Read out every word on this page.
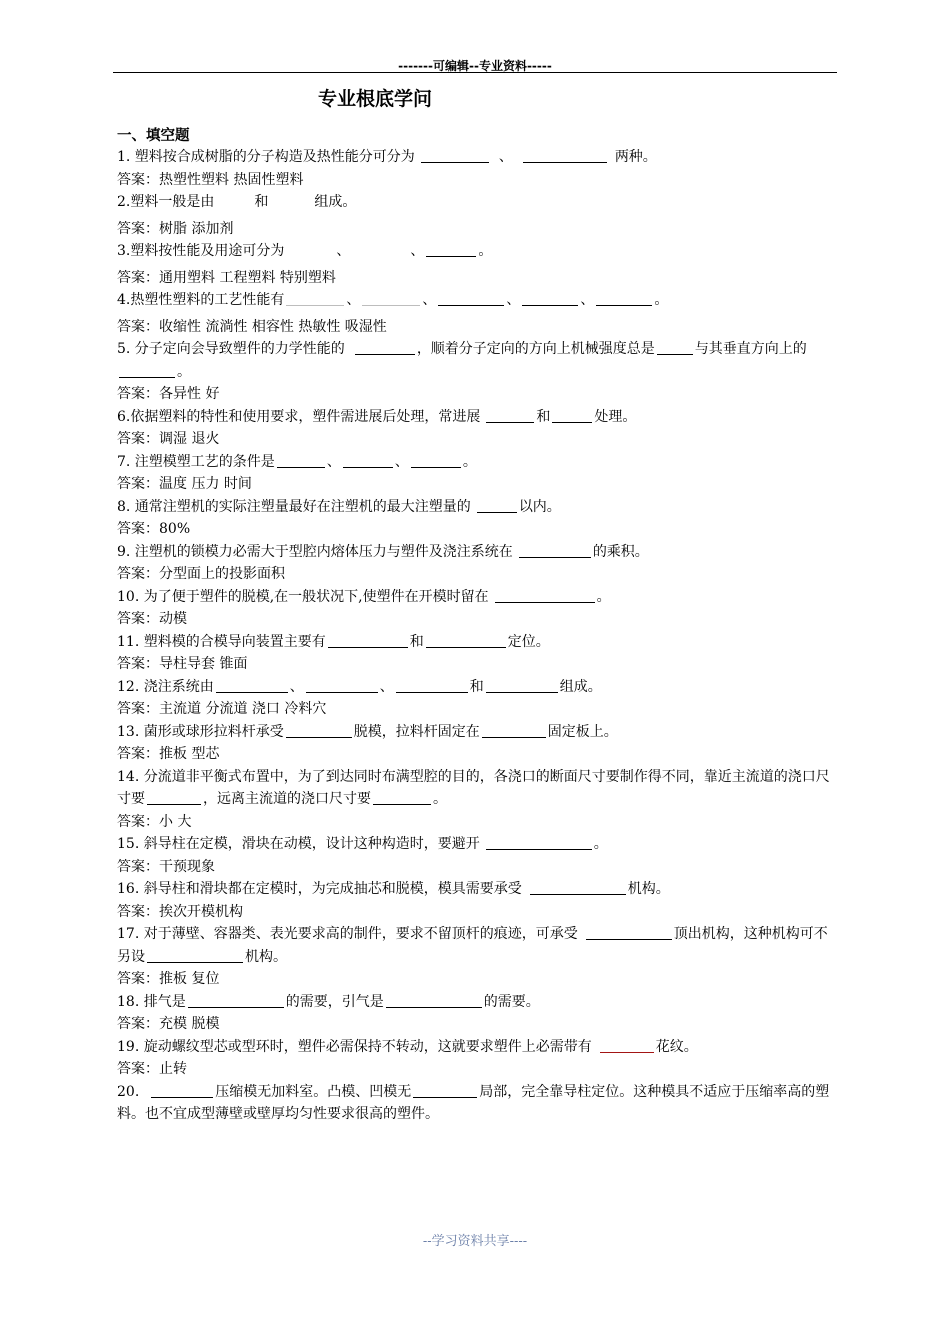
-------可编辑--专业资料-----
专业根底学问
一、填空题

1. 塑料按合成树脂的分子构造及热性能分可分为	、	两种。

答案：热塑性塑料 热固性塑料

2.塑料一般是由	和	组成。

答案：树脂 添加剂

3.塑料按性能及用途可分为	、	、	。

答案：通用塑料 工程塑料 特别塑料

4.热塑性塑料的工艺性能有	、	、	、	、	。

答案：收缩性 流淌性 相容性 热敏性 吸湿性

5. 分子定向会导致塑件的力学性能的	，顺着分子定向的方向上机械强度总是	与其垂直方向上的。

答案：各异性 好

6.依据塑料的特性和使用要求，塑件需进展后处理，常进展	和	处理。

答案：调湿 退火

7. 注塑模塑工艺的条件是	、	、	。

答案：温度 压力 时间

8. 通常注塑机的实际注塑量最好在注塑机的最大注塑量的	以内。

答案：80%

9. 注塑机的锁模力必需大于型腔内熔体压力与塑件及浇注系统在	的乘积。

答案：分型面上的投影面积

10. 为了便于塑件的脱模,在一般状况下,使塑件在开模时留在	。

答案：动模

11. 塑料模的合模导向装置主要有	和	定位。

答案：导柱导套 锥面

12. 浇注系统由	、	、	和	组成。

答案：主流道 分流道 浇口 冷料穴

13. 菌形或球形拉料杆承受	脱模，拉料杆固定在	固定板上。

答案：推板 型芯

14. 分流道非平衡式布置中，为了到达同时布满型腔的目的，各浇口的断面尺寸要制作得不同，靠近主流道的浇口尺寸要	，远离主流道的浇口尺寸要	。

答案：小 大

15. 斜导柱在定模，滑块在动模，设计这种构造时，要避开	。

答案：干预现象

16. 斜导柱和滑块都在定模时，为完成抽芯和脱模，模具需要承受	机构。

答案：挨次开模机构

17. 对于薄壁、容器类、表光要求高的制件，要求不留顶杆的痕迹，可承受	顶出机构，这种机构可不另设	机构。

答案：推板 复位

18. 排气是	的需要，引气是	的需要。

答案：充模 脱模

19. 旋动螺纹型芯或型环时，塑件必需保持不转动，这就要求塑件上必需带有	花纹。

答案：止转

20.	压缩模无加料室。凸模、凹模无	局部，完全靠导柱定位。这种模具不适应于压缩率高的塑料。也不宜成型薄壁或壁厚均匀性要求很高的塑件。

--学习资料共享----
